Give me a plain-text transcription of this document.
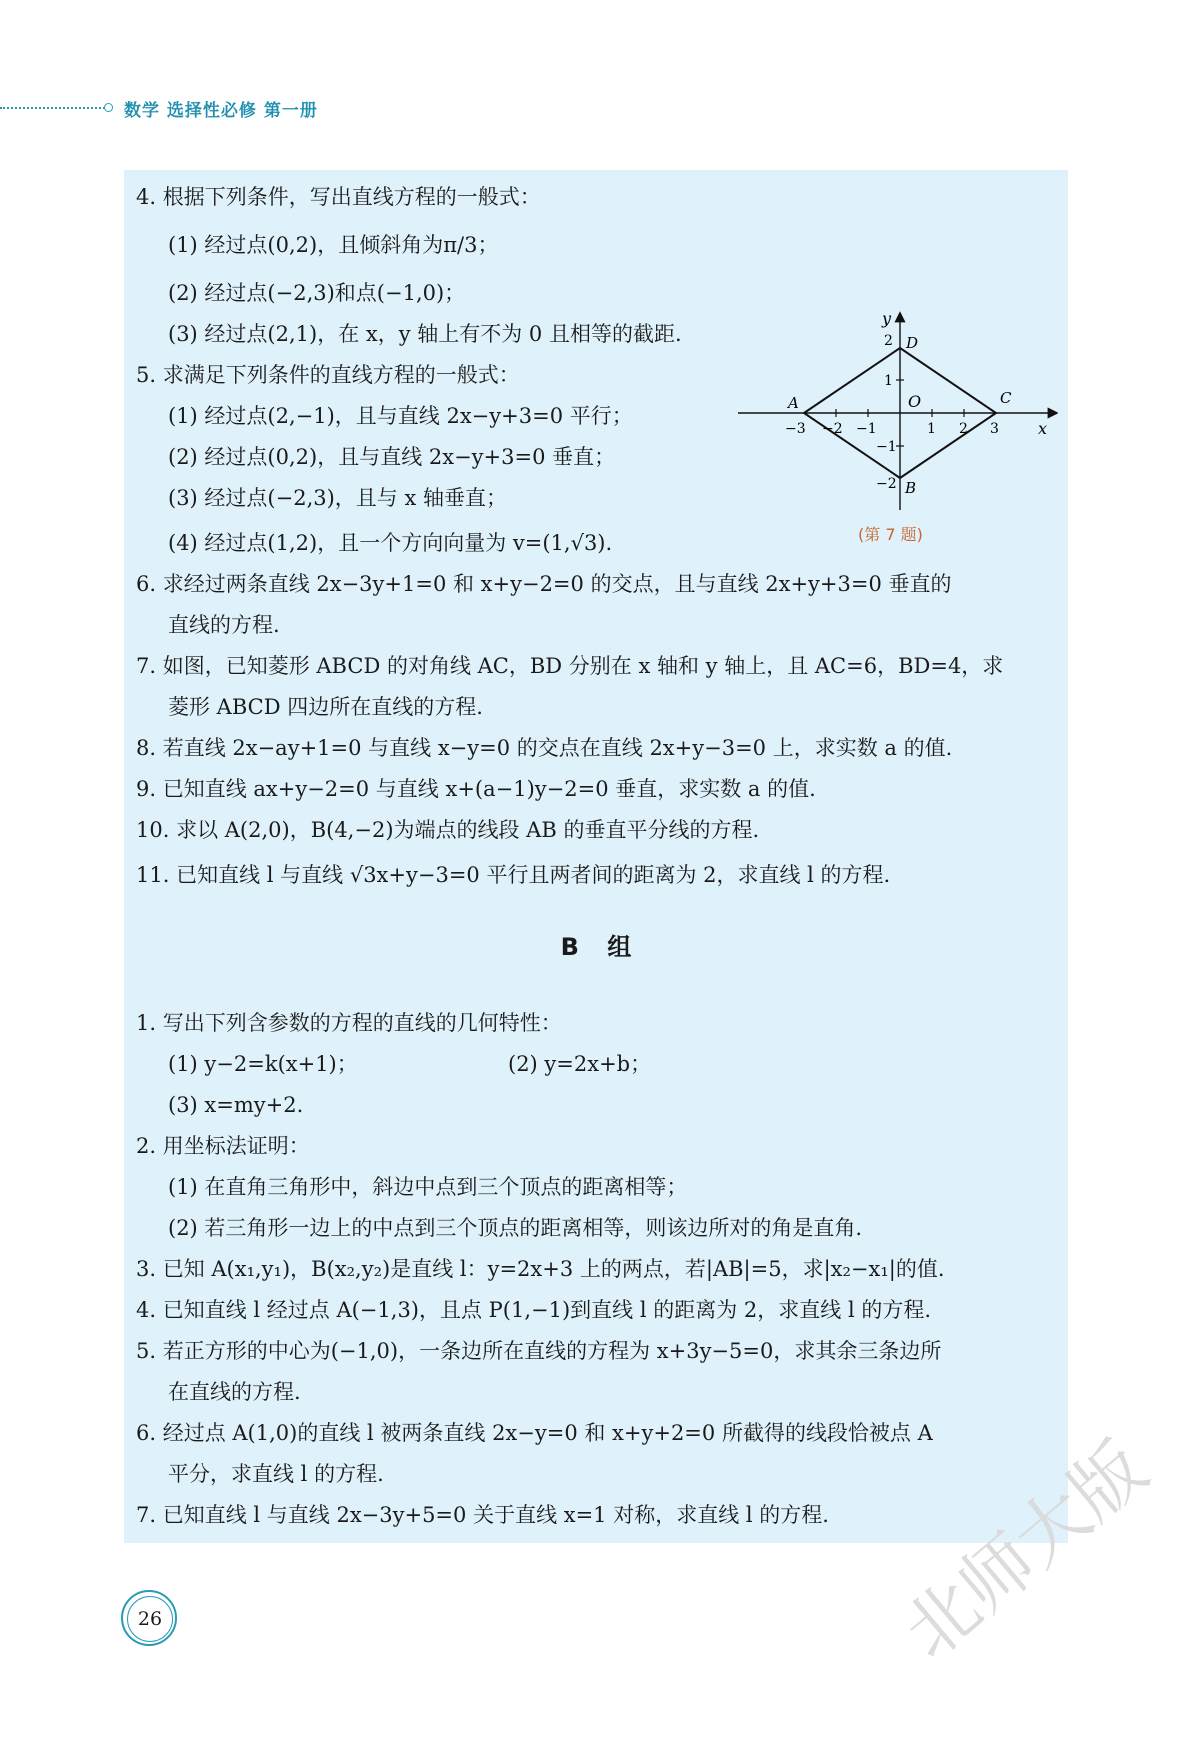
数学 选择性必修 第一册
4. 根据下列条件，写出直线方程的一般式：
(1) 经过点(0,2)，且倾斜角为π/3；
(2) 经过点(−2,3)和点(−1,0)；
(3) 经过点(2,1)，在 x，y 轴上有不为 0 且相等的截距.
5. 求满足下列条件的直线方程的一般式：
(1) 经过点(2,−1)，且与直线 2x−y+3=0 平行；
(2) 经过点(0,2)，且与直线 2x−y+3=0 垂直；
(3) 经过点(−2,3)，且与 x 轴垂直；
(4) 经过点(1,2)，且一个方向向量为 v=(1,√3).
6. 求经过两条直线 2x−3y+1=0 和 x+y−2=0 的交点，且与直线 2x+y+3=0 垂直的
直线的方程.
7. 如图，已知菱形 ABCD 的对角线 AC，BD 分别在 x 轴和 y 轴上，且 AC=6，BD=4，求
菱形 ABCD 四边所在直线的方程.
8. 若直线 2x−ay+1=0 与直线 x−y=0 的交点在直线 2x+y−3=0 上，求实数 a 的值.
9. 已知直线 ax+y−2=0 与直线 x+(a−1)y−2=0 垂直，求实数 a 的值.
10. 求以 A(2,0)，B(4,−2)为端点的线段 AB 的垂直平分线的方程.
11. 已知直线 l 与直线 √3x+y−3=0 平行且两者间的距离为 2，求直线 l 的方程.
B 组
1. 写出下列含参数的方程的直线的几何特性：
(1) y−2=k(x+1)；	(2) y=2x+b；
(3) x=my+2.
2. 用坐标法证明：
(1) 在直角三角形中，斜边中点到三个顶点的距离相等；
(2) 若三角形一边上的中点到三个顶点的距离相等，则该边所对的角是直角.
3. 已知 A(x₁,y₁)，B(x₂,y₂)是直线 l：y=2x+3 上的两点，若|AB|=5，求|x₂−x₁|的值.
4. 已知直线 l 经过点 A(−1,3)，且点 P(1,−1)到直线 l 的距离为 2，求直线 l 的方程.
5. 若正方形的中心为(−1,0)，一条边所在直线的方程为 x+3y−5=0，求其余三条边所
在直线的方程.
6. 经过点 A(1,0)的直线 l 被两条直线 2x−y=0 和 x+y+2=0 所截得的线段恰被点 A
平分，求直线 l 的方程.
7. 已知直线 l 与直线 2x−3y+5=0 关于直线 x=1 对称，求直线 l 的方程.
y
x
O
A	C
D
B
−3 −2 −1	1 2 3
2
1
−1
−2
(第 7 题)
26	北师大版
